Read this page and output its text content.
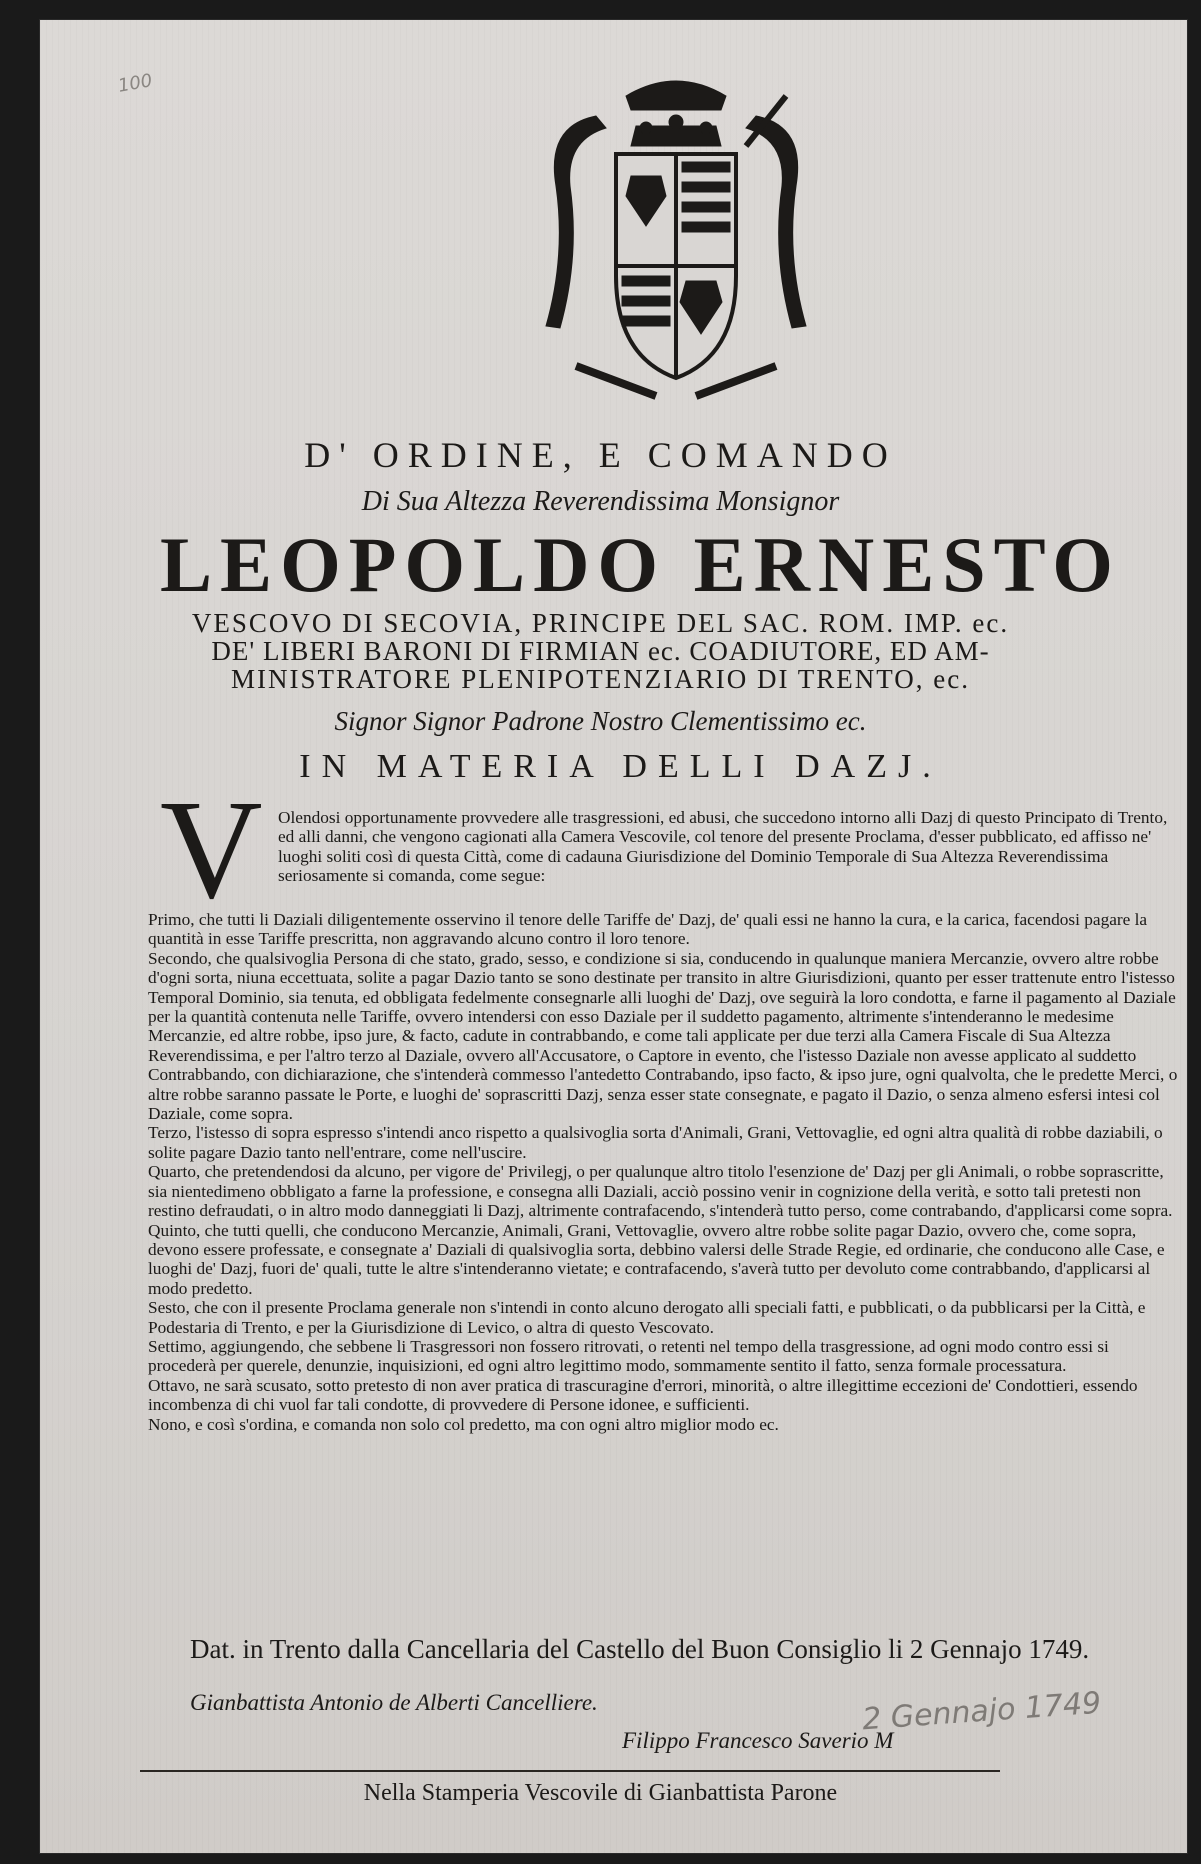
100
D' ORDINE, E COMANDO
Di Sua Altezza Reverendissima Monsignor
LEOPOLDO ERNESTO
VESCOVO DI SECOVIA, PRINCIPE DEL SAC. ROM. IMP. ec.
DE' LIBERI BARONI DI FIRMIAN ec. COADIUTORE, ED AM-
MINISTRATORE PLENIPOTENZIARIO DI TRENTO, ec.
Signor Signor Padrone Nostro Clementissimo ec.
IN MATERIA DELLI DAZJ.
V Olendosi opportunamente provvedere alle trasgressioni, ed abusi, che succedono intorno alli Dazj di questo Principato di Trento, ed alli danni, che vengono cagionati alla Camera Vescovile, col tenore del presente Proclama, d'esser pubblicato, ed affisso ne' luoghi soliti così di questa Città, come di cadauna Giurisdizione del Dominio Temporale di Sua Altezza Reverendissima seriosamente si comanda, come segue:

Primo, che tutti li Daziali diligentemente osservino il tenore delle Tariffe de' Dazj, de' quali essi ne hanno la cura, e la carica, facendosi pagare la quantità in esse Tariffe prescritta, non aggravando alcuno contro il loro tenore.

Secondo, che qualsivoglia Persona di che stato, grado, sesso, e condizione si sia, conducendo in qualunque maniera Mercanzie, ovvero altre robbe d'ogni sorta, niuna eccettuata, solite a pagar Dazio tanto se sono destinate per transito in altre Giurisdizioni, quanto per esser trattenute entro l'istesso Temporal Dominio, sia tenuta, ed obbligata fedelmente consegnarle alli luoghi de' Dazj, ove seguirà la loro condotta, e farne il pagamento al Daziale per la quantità contenuta nelle Tariffe, ovvero intendersi con esso Daziale per il suddetto pagamento, altrimente s'intenderanno le medesime Mercanzie, ed altre robbe, ipso jure, & facto, cadute in contrabbando, e come tali applicate per due terzi alla Camera Fiscale di Sua Altezza Reverendissima, e per l'altro terzo al Daziale, ovvero all'Accusatore, o Captore in evento, che l'istesso Daziale non avesse applicato al suddetto Contrabbando, con dichiarazione, che s'intenderà commesso l'antedetto Contrabando, ipso facto, & ipso jure, ogni qualvolta, che le predette Merci, o altre robbe saranno passate le Porte, e luoghi de' soprascritti Dazj, senza esser state consegnate, e pagato il Dazio, o senza almeno esfersi intesi col Daziale, come sopra.

Terzo, l'istesso di sopra espresso s'intendi anco rispetto a qualsivoglia sorta d'Animali, Grani, Vettovaglie, ed ogni altra qualità di robbe daziabili, o solite pagare Dazio tanto nell'entrare, come nell'uscire.

Quarto, che pretendendosi da alcuno, per vigore de' Privilegj, o per qualunque altro titolo l'esenzione de' Dazj per gli Animali, o robbe soprascritte, sia nientedimeno obbligato a farne la professione, e consegna alli Daziali, acciò possino venir in cognizione della verità, e sotto tali pretesti non restino defraudati, o in altro modo danneggiati li Dazj, altrimente contrafacendo, s'intenderà tutto perso, come contrabando, d'applicarsi come sopra.

Quinto, che tutti quelli, che conducono Mercanzie, Animali, Grani, Vettovaglie, ovvero altre robbe solite pagar Dazio, ovvero che, come sopra, devono essere professate, e consegnate a' Daziali di qualsivoglia sorta, debbino valersi delle Strade Regie, ed ordinarie, che conducono alle Case, e luoghi de' Dazj, fuori de' quali, tutte le altre s'intenderanno vietate; e contrafacendo, s'averà tutto per devoluto come contrabbando, d'applicarsi al modo predetto.

Sesto, che con il presente Proclama generale non s'intendi in conto alcuno derogato alli speciali fatti, e pubblicati, o da pubblicarsi per la Città, e Podestaria di Trento, e per la Giurisdizione di Levico, o altra di questo Vescovato.

Settimo, aggiungendo, che sebbene li Trasgressori non fossero ritrovati, o retenti nel tempo della trasgressione, ad ogni modo contro essi si procederà per querele, denunzie, inquisizioni, ed ogni altro legittimo modo, sommamente sentito il fatto, senza formale processatura.

Ottavo, ne sarà scusato, sotto pretesto di non aver pratica di trascuragine d'errori, minorità, o altre illegittime eccezioni de' Condottieri, essendo incombenza di chi vuol far tali condotte, di provvedere di Persone idonee, e sufficienti.

Nono, e così s'ordina, e comanda non solo col predetto, ma con ogni altro miglior modo ec.

Dat. in Trento dalla Cancellaria del Castello del Buon Consiglio li 2 Gennajo 1749.
Gianbattista Antonio de Alberti Cancelliere.	2 Gennajo 1749
Filippo Francesco Saverio M
Nella Stamperia Vescovile di Gianbattista Parone
